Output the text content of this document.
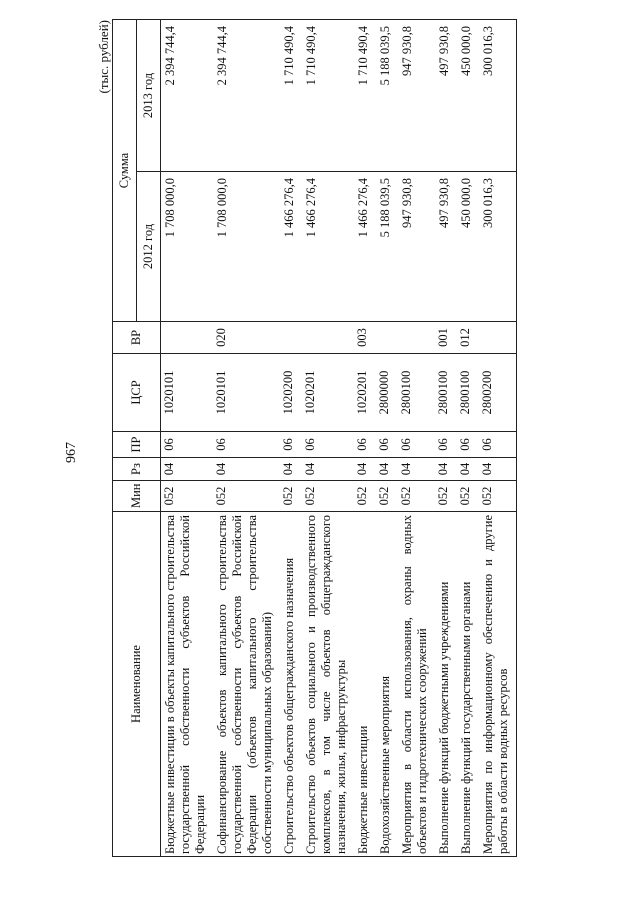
967
(тыс. рублей)
Наименование	Мин	Рз	ПР	ЦСР	ВР	Сумма	
						2012 год	2013 год
Бюджетные инвестиции в объекты капитального строительства государственной собственности субъектов Российской Федерации	052	04	06	1020101		1 708 000,0	2 394 744,4
Софинансирование объектов капитального строительства государственной собственности субъектов Российской Федерации (объектов капитального строительства собственности муниципальных образований)	052	04	06	1020101	020	1 708 000,0	2 394 744,4
Строительство объектов общегражданского назначения	052	04	06	1020200		1 466 276,4	1 710 490,4
Строительство объектов социального и производственного комплексов, в том числе объектов общегражданского назначения, жилья, инфраструктуры	052	04	06	1020201		1 466 276,4	1 710 490,4
Бюджетные инвестиции	052	04	06	1020201	003	1 466 276,4	1 710 490,4
Водохозяйственные мероприятия	052	04	06	2800000		5 188 039,5	5 188 039,5
Мероприятия в области использования, охраны водных объектов и гидротехнических сооружений	052	04	06	2800100		947 930,8	947 930,8
Выполнение функций бюджетными учреждениями	052	04	06	2800100	001	497 930,8	497 930,8
Выполнение функций государственными органами	052	04	06	2800100	012	450 000,0	450 000,0
Мероприятия по информационному обеспечению и другие работы в области водных ресурсов	052	04	06	2800200		300 016,3	300 016,3
